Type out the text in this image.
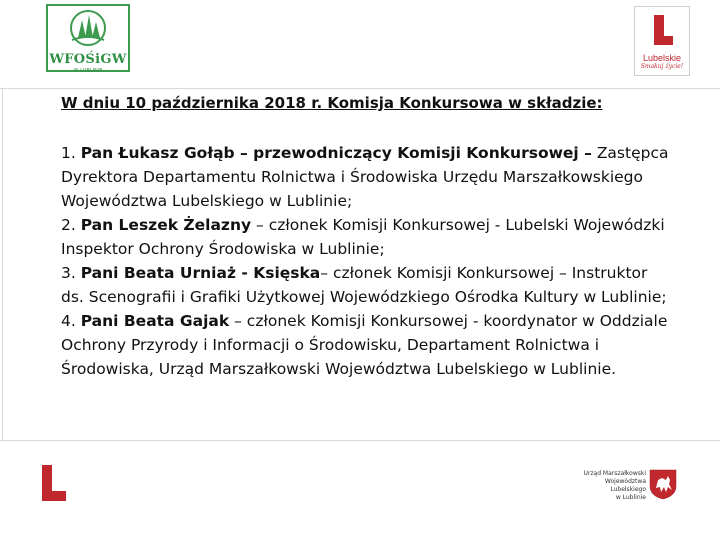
WFOŚiGW
W LUBLINIE
Lubelskie
Smakuj życie!
W dniu 10 października 2018 r. Komisja Konkursowa w składzie:

1. Pan Łukasz Gołąb – przewodniczący Komisji Konkursowej – Zastępca Dyrektora Departamentu Rolnictwa i Środowiska Urzędu Marszałkowskiego Województwa Lubelskiego w Lublinie;

2. Pan Leszek Żelazny – członek Komisji Konkursowej - Lubelski Wojewódzki Inspektor Ochrony Środowiska w Lublinie;

3. Pani Beata Urniaż - Księska– członek Komisji Konkursowej – Instruktor ds. Scenografii i Grafiki Użytkowej Wojewódzkiego Ośrodka Kultury w Lublinie;

4. Pani Beata Gajak – członek Komisji Konkursowej - koordynator w Oddziale Ochrony Przyrody i Informacji o Środowisku, Departament Rolnictwa i Środowiska, Urząd Marszałkowski Województwa Lubelskiego w Lublinie.

Urząd Marszałkowski
Województwa Lubelskiego
w Lublinie
